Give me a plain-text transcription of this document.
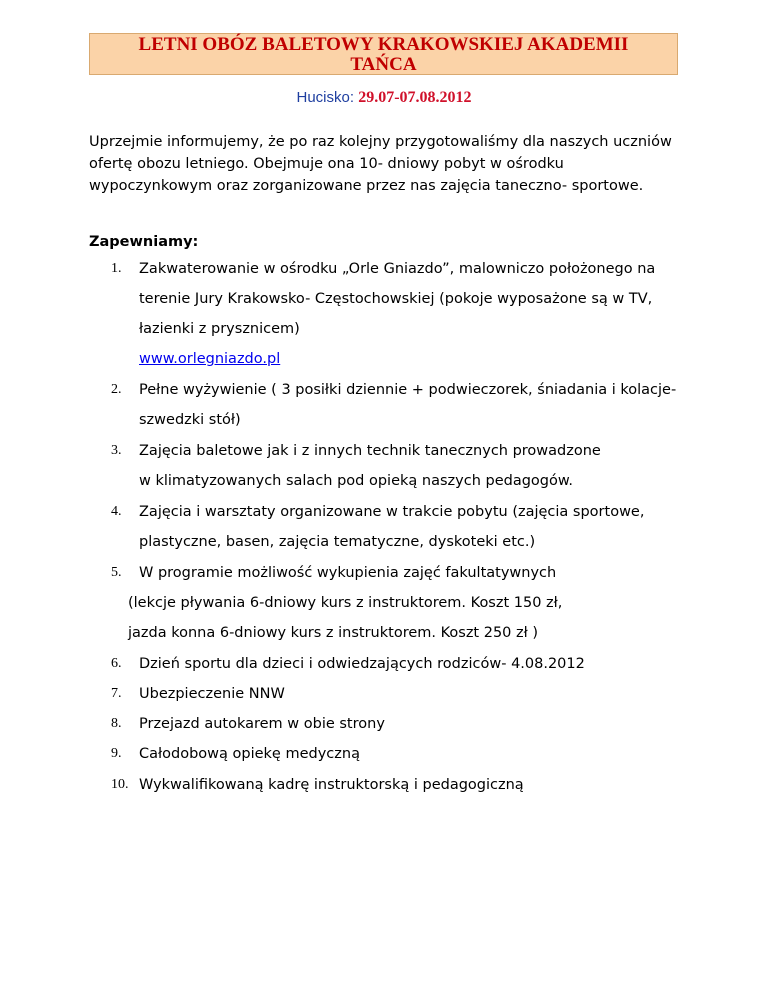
LETNI OBÓZ BALETOWY KRAKOWSKIEJ AKADEMII
TAŃCA
Hucisko: 29.07-07.08.2012
Uprzejmie informujemy, że po raz kolejny przygotowaliśmy dla naszych uczniów
ofertę obozu letniego. Obejmuje ona 10- dniowy pobyt w ośrodku
wypoczynkowym oraz zorganizowane przez nas zajęcia taneczno- sportowe.
Zapewniamy:
1. Zakwaterowanie w ośrodku „Orle Gniazdo”, malowniczo położonego na
terenie Jury Krakowsko- Częstochowskiej (pokoje wyposażone są w TV,
łazienki z prysznicem)
www.orlegniazdo.pl
2. Pełne wyżywienie ( 3 posiłki dziennie + podwieczorek, śniadania i kolacje-
szwedzki stół)
3. Zajęcia baletowe jak i z innych technik tanecznych prowadzone
w klimatyzowanych salach pod opieką naszych pedagogów.
4. Zajęcia i warsztaty organizowane w trakcie pobytu (zajęcia sportowe,
plastyczne, basen, zajęcia tematyczne, dyskoteki etc.)
5. W programie możliwość wykupienia zajęć fakultatywnych
(lekcje pływania 6-dniowy kurs z instruktorem. Koszt 150 zł,
jazda konna 6-dniowy kurs z instruktorem. Koszt 250 zł )
6. Dzień sportu dla dzieci i odwiedzających rodziców- 4.08.2012
7. Ubezpieczenie NNW
8. Przejazd autokarem w obie strony
9. Całodobową opiekę medyczną
10. Wykwalifikowaną kadrę instruktorską i pedagogiczną
